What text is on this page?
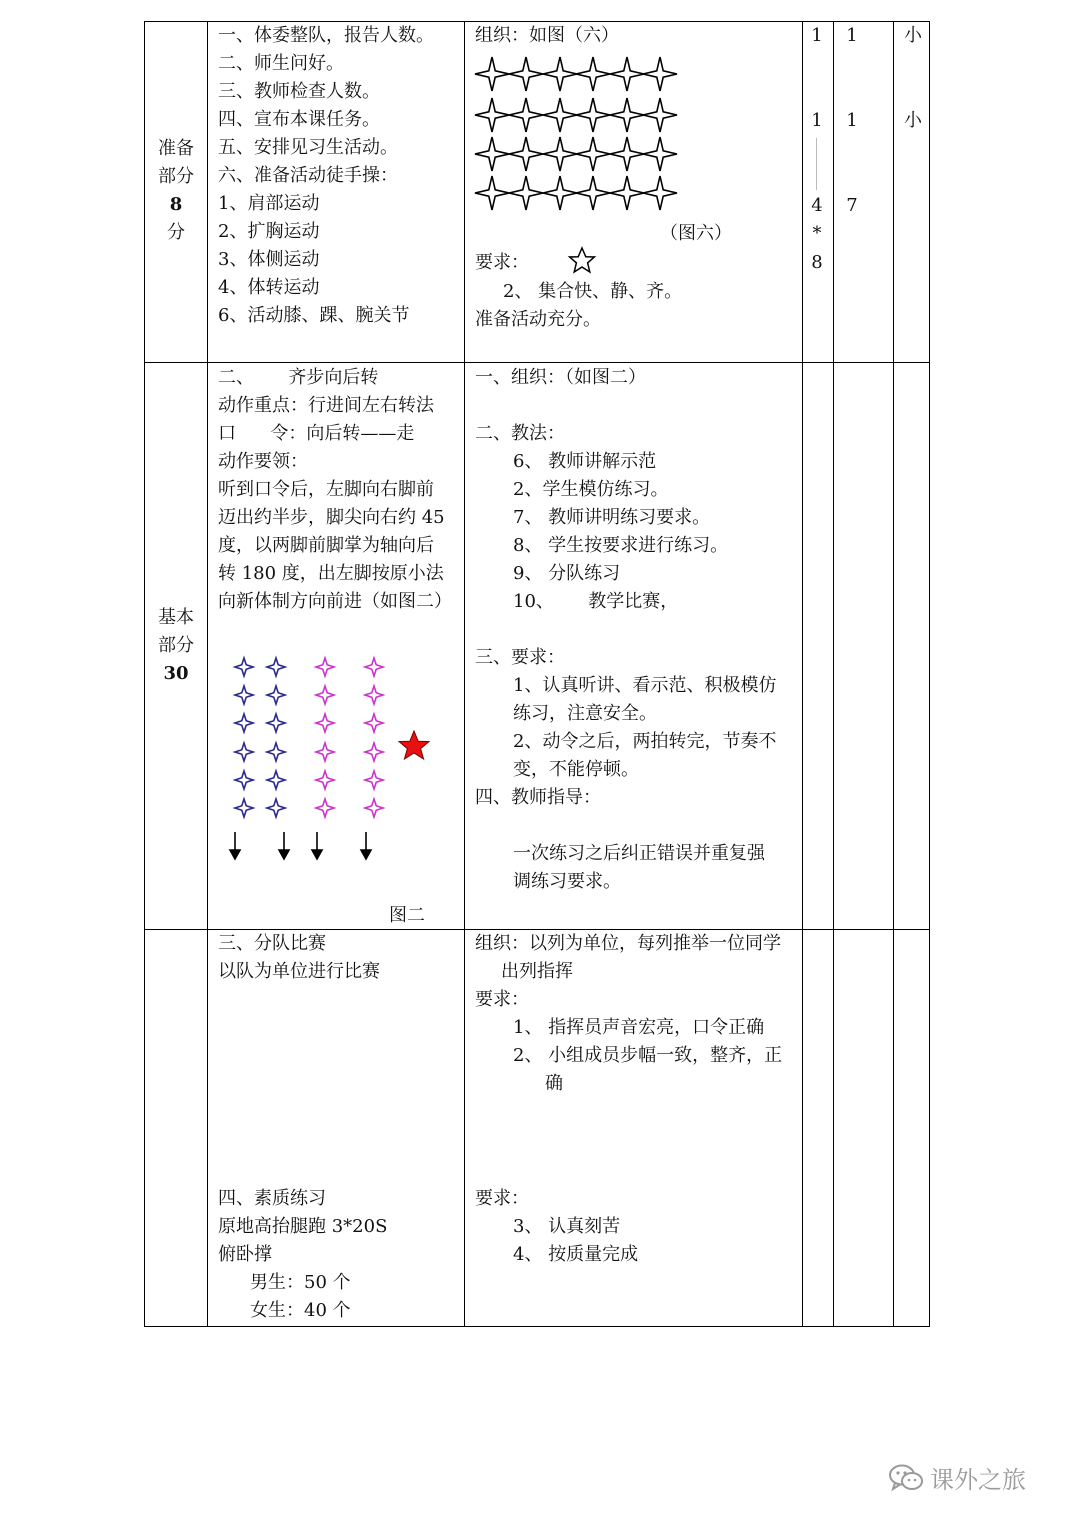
准备
部分
8
分
一、体委整队，报告人数。
二、师生问好。
三、教师检查人数。
四、宣布本课任务。
五、安排见习生活动。
六、准备活动徒手操：
1、肩部运动
2、扩胸运动
3、体侧运动
4、体转运动
6、活动膝、踝、腕关节
组织：如图（六）
（图六）
要求：
2、 集合快、静、齐。
准备活动充分。
1
1
4
*
8
1
1
7
小
小
基本
部分
30
二、      齐步向后转
动作重点：行进间左右转法
口      令：向后转——走
动作要领：
听到口令后，左脚向右脚前
迈出约半步，脚尖向右约 45
度，以两脚前脚掌为轴向后
转 180 度，出左脚按原小法
向新体制方向前进（如图二）
图二
一、组织：（如图二）
二、教法：
6、 教师讲解示范
2、学生模仿练习。
7、 教师讲明练习要求。
8、 学生按要求进行练习。
9、 分队练习
10、      教学比赛，
三、要求：
1、认真听讲、看示范、积极模仿
练习，注意安全。
2、动令之后，两拍转完，节奏不
变，不能停顿。
四、教师指导：
一次练习之后纠正错误并重复强
调练习要求。
三、分队比赛
以队为单位进行比赛
四、素质练习
原地高抬腿跑 3*20S
俯卧撑
男生：50 个
女生：40 个
组织：以列为单位，每列推举一位同学
出列指挥
要求：
1、 指挥员声音宏亮，口令正确
2、 小组成员步幅一致，整齐，正
确
要求：
3、 认真刻苦
4、 按质量完成
课外之旅
